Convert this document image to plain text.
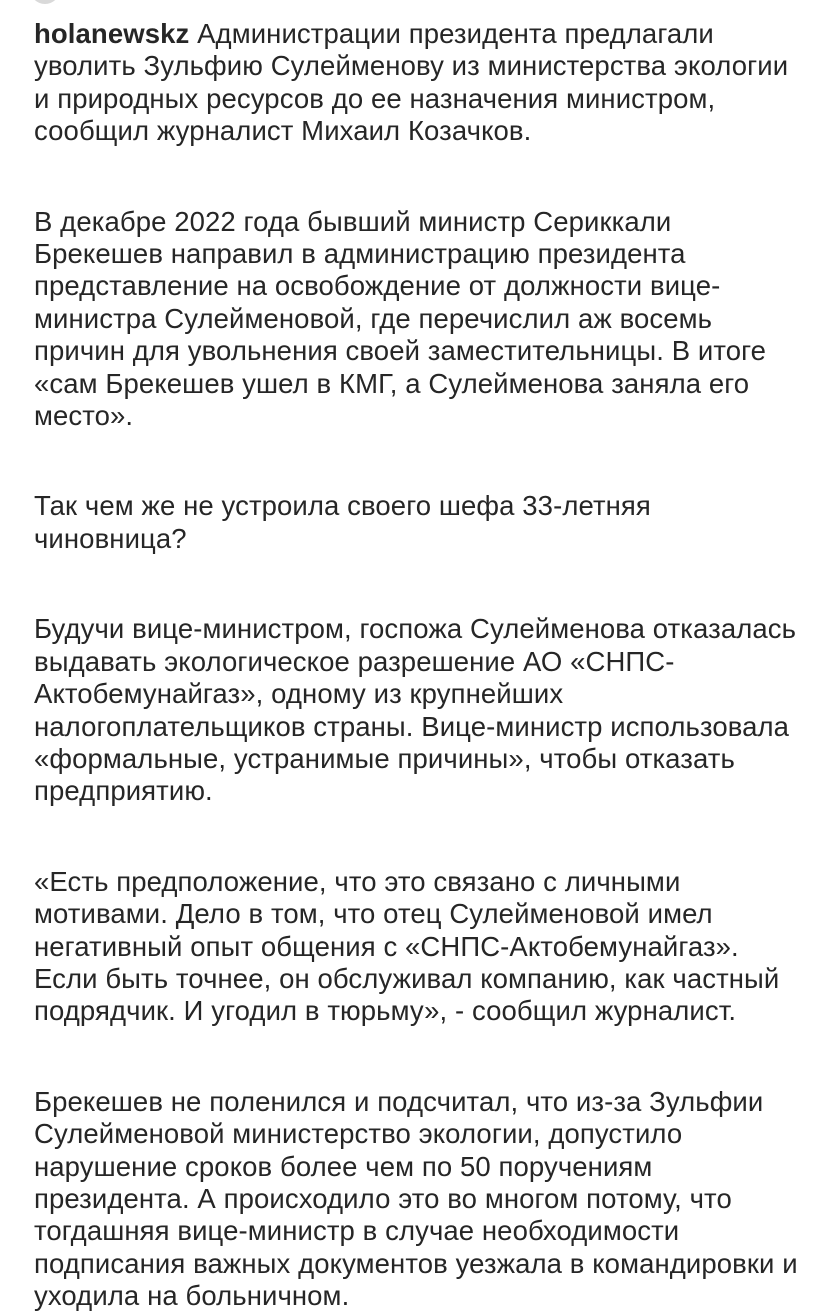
holanewskz Администрации президента предлагали уволить Зульфию Сулейменову из министерства экологии и природных ресурсов до ее назначения министром, сообщил журналист Михаил Козачков.

В декабре 2022 года бывший министр Сериккали Брекешев направил в администрацию президента представление на освобождение от должности вице-министра Сулейменовой, где перечислил аж восемь причин для увольнения своей заместительницы. В итоге «сам Брекешев ушел в КМГ, а Сулейменова заняла его место».

Так чем же не устроила своего шефа 33-летняя чиновница?

Будучи вице-министром, госпожа Сулейменова отказалась выдавать экологическое разрешение АО «СНПС-Актобемунайгаз», одному из крупнейших налогоплательщиков страны. Вице-министр использовала «формальные, устранимые причины», чтобы отказать предприятию.

«Есть предположение, что это связано с личными мотивами. Дело в том, что отец Сулейменовой имел негативный опыт общения с «СНПС-Актобемунайгаз». Если быть точнее, он обслуживал компанию, как частный подрядчик. И угодил в тюрьму», - сообщил журналист.

Брекешев не поленился и подсчитал, что из-за Зульфии Сулейменовой министерство экологии, допустило нарушение сроков более чем по 50 поручениям президента. А происходило это во многом потому, что тогдашняя вице-министр в случае необходимости подписания важных документов уезжала в командировки и уходила на больничном.
